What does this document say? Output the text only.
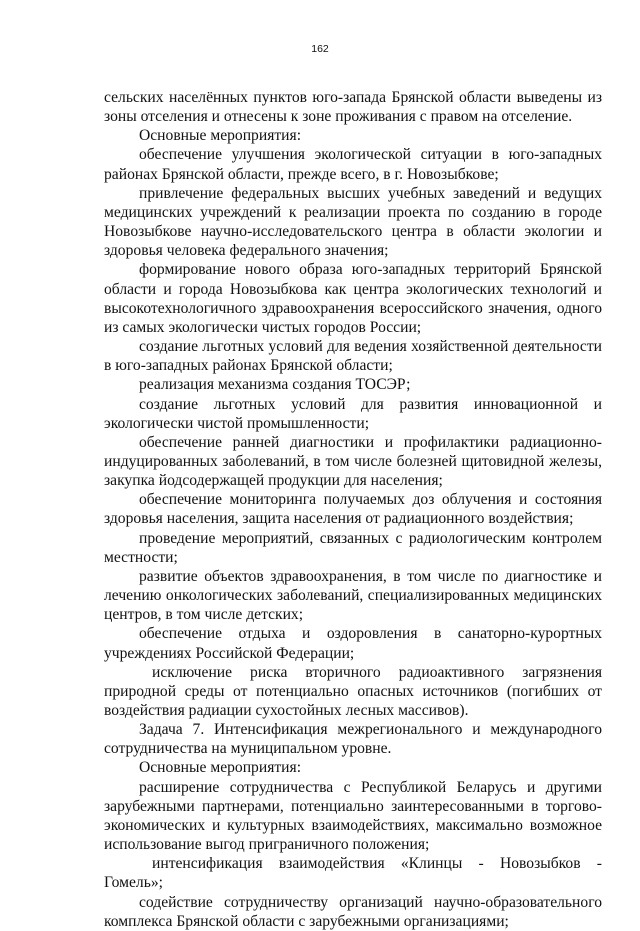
162

сельских населённых пунктов юго-запада Брянской области выведены из зоны отселения и отнесены к зоне проживания с правом на отселение.

Основные мероприятия:

обеспечение улучшения экологической ситуации в юго-западных районах Брянской области, прежде всего, в г. Новозыбкове;

привлечение федеральных высших учебных заведений и ведущих медицинских учреждений к реализации проекта по созданию в городе Новозыбкове научно-исследовательского центра в области экологии и здоровья человека федерального значения;

формирование нового образа юго-западных территорий Брянской области и города Новозыбкова как центра экологических технологий и высокотехнологичного здравоохранения всероссийского значения, одного из самых экологически чистых городов России;

создание льготных условий для ведения хозяйственной деятельности в юго-западных районах Брянской области;

реализация механизма создания ТОСЭР;

создание льготных условий для развития инновационной и экологически чистой промышленности;

обеспечение ранней диагностики и профилактики радиационно-индуцированных заболеваний, в том числе болезней щитовидной железы, закупка йодсодержащей продукции для населения;

обеспечение мониторинга получаемых доз облучения и состояния здоровья населения, защита населения от радиационного воздействия;

проведение мероприятий, связанных с радиологическим контролем местности;

развитие объектов здравоохранения, в том числе по диагностике и лечению онкологических заболеваний, специализированных медицинских центров, в том числе детских;

обеспечение отдыха и оздоровления в санаторно-курортных учреждениях Российской Федерации;

исключение риска вторичного радиоактивного загрязнения природной среды от потенциально опасных источников (погибших от воздействия радиации сухостойных лесных массивов).

Задача 7. Интенсификация межрегионального и международного сотрудничества на муниципальном уровне.

Основные мероприятия:

расширение сотрудничества с Республикой Беларусь и другими зарубежными партнерами, потенциально заинтересованными в торгово-экономических и культурных взаимодействиях, максимально возможное использование выгод приграничного положения;

интенсификация взаимодействия «Клинцы - Новозыбков - Гомель»;

содействие сотрудничеству организаций научно-образовательного комплекса Брянской области с зарубежными организациями;
